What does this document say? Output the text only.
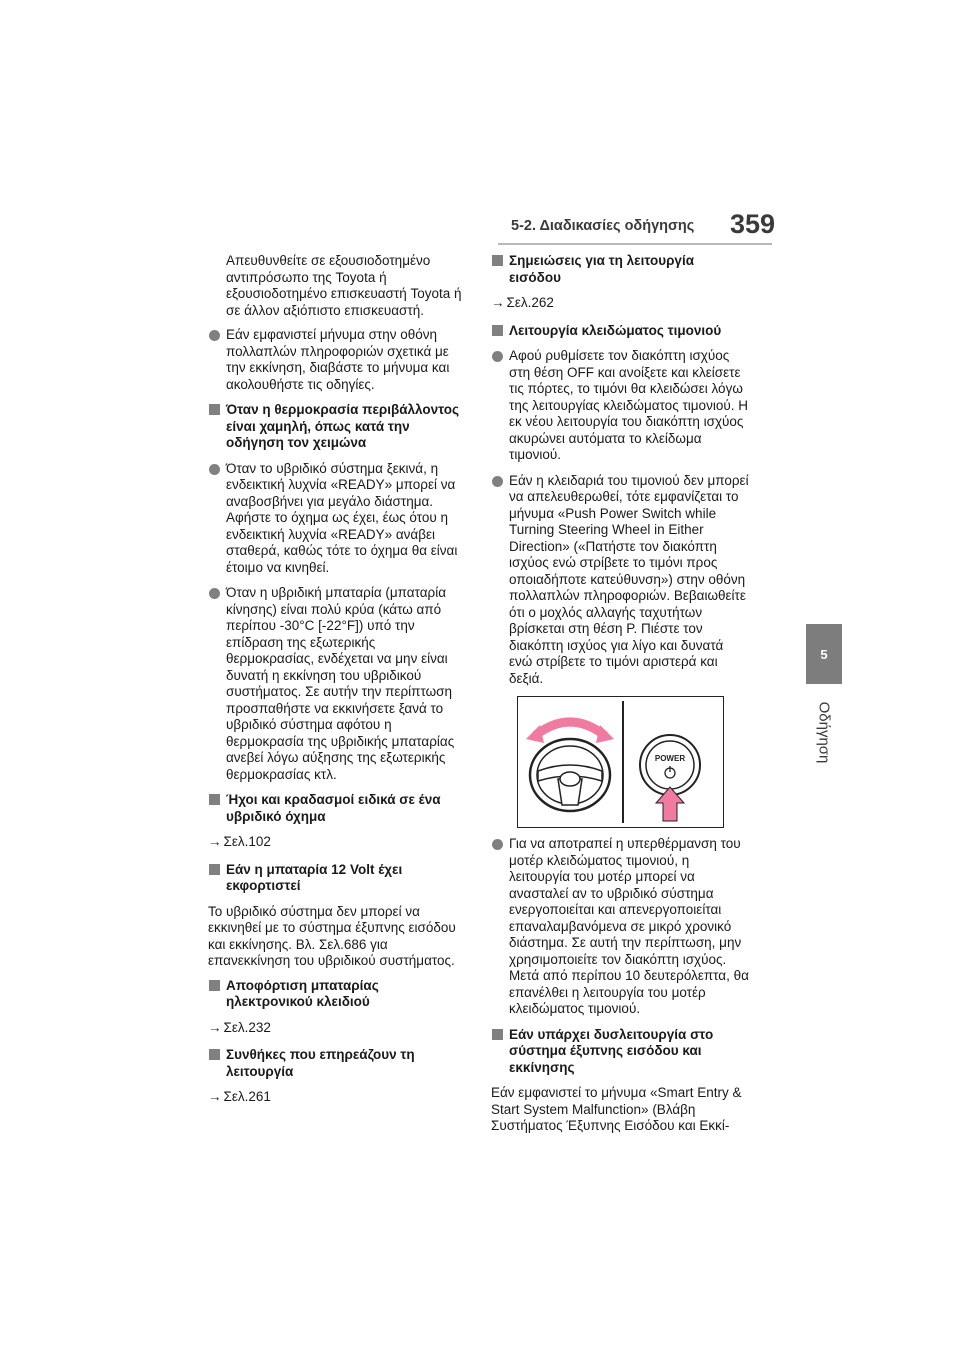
5-2. Διαδικασίες οδήγησης 359
5
Οδήγηση

Απευθυνθείτε σε εξουσιοδοτημένο αντιπρόσωπο της Toyota ή εξουσιοδοτημένο επισκευαστή Toyota ή σε άλλον αξιόπιστο επισκευαστή.

Εάν εμφανιστεί μήνυμα στην οθόνη πολλαπλών πληροφοριών σχετικά με την εκκίνηση, διαβάστε το μήνυμα και ακολουθήστε τις οδηγίες.

Όταν η θερμοκρασία περιβάλλοντος είναι χαμηλή, όπως κατά την οδήγηση τον χειμώνα

Όταν το υβριδικό σύστημα ξεκινά, η ενδεικτική λυχνία «READY» μπορεί να αναβοσβήνει για μεγάλο διάστημα. Αφήστε το όχημα ως έχει, έως ότου η ενδεικτική λυχνία «READY» ανάβει σταθερά, καθώς τότε το όχημα θα είναι έτοιμο να κινηθεί.

Όταν η υβριδική μπαταρία (μπαταρία κίνησης) είναι πολύ κρύα (κάτω από περίπου -30°C [-22°F]) υπό την επίδραση της εξωτερικής θερμοκρασίας, ενδέχεται να μην είναι δυνατή η εκκίνηση του υβριδικού συστήματος. Σε αυτήν την περίπτωση προσπαθήστε να εκκινήσετε ξανά το υβριδικό σύστημα αφότου η θερμοκρασία της υβριδικής μπαταρίας ανεβεί λόγω αύξησης της εξωτερικής θερμοκρασίας κτλ.

Ήχοι και κραδασμοί ειδικά σε ένα υβριδικό όχημα

→ Σελ.102

Εάν η μπαταρία 12 Volt έχει εκφορτιστεί

Το υβριδικό σύστημα δεν μπορεί να εκκινηθεί με το σύστημα έξυπνης εισόδου και εκκίνησης. Βλ. Σελ.686 για επανεκκίνηση του υβριδικού συστήματος.

Αποφόρτιση μπαταρίας ηλεκτρονικού κλειδιού

→ Σελ.232

Συνθήκες που επηρεάζουν τη λειτουργία

→ Σελ.261

Σημειώσεις για τη λειτουργία εισόδου

→ Σελ.262

Λειτουργία κλειδώματος τιμονιού

Αφού ρυθμίσετε τον διακόπτη ισχύος στη θέση OFF και ανοίξετε και κλείσετε τις πόρτες, το τιμόνι θα κλειδώσει λόγω της λειτουργίας κλειδώματος τιμονιού. Η εκ νέου λειτουργία του διακόπτη ισχύος ακυρώνει αυτόματα το κλείδωμα τιμονιού.

Εάν η κλειδαριά του τιμονιού δεν μπορεί να απελευθερωθεί, τότε εμφανίζεται το μήνυμα «Push Power Switch while Turning Steering Wheel in Either Direction» («Πατήστε τον διακόπτη ισχύος ενώ στρίβετε το τιμόνι προς οποιαδήποτε κατεύθυνση») στην οθόνη πολλαπλών πληροφοριών. Βεβαιωθείτε ότι ο μοχλός αλλαγής ταχυτήτων βρίσκεται στη θέση P. Πιέστε τον διακόπτη ισχύος για λίγο και δυνατά ενώ στρίβετε το τιμόνι αριστερά και δεξιά.

POWER

Για να αποτραπεί η υπερθέρμανση του μοτέρ κλειδώματος τιμονιού, η λειτουργία του μοτέρ μπορεί να ανασταλεί αν το υβριδικό σύστημα ενεργοποιείται και απενεργοποιείται επαναλαμβανόμενα σε μικρό χρονικό διάστημα. Σε αυτή την περίπτωση, μην χρησιμοποιείτε τον διακόπτη ισχύος. Μετά από περίπου 10 δευτερόλεπτα, θα επανέλθει η λειτουργία του μοτέρ κλειδώματος τιμονιού.

Εάν υπάρχει δυσλειτουργία στο σύστημα έξυπνης εισόδου και εκκίνησης

Εάν εμφανιστεί το μήνυμα «Smart Entry & Start System Malfunction» (Βλάβη Συστήματος Έξυπνης Εισόδου και Εκκί-
